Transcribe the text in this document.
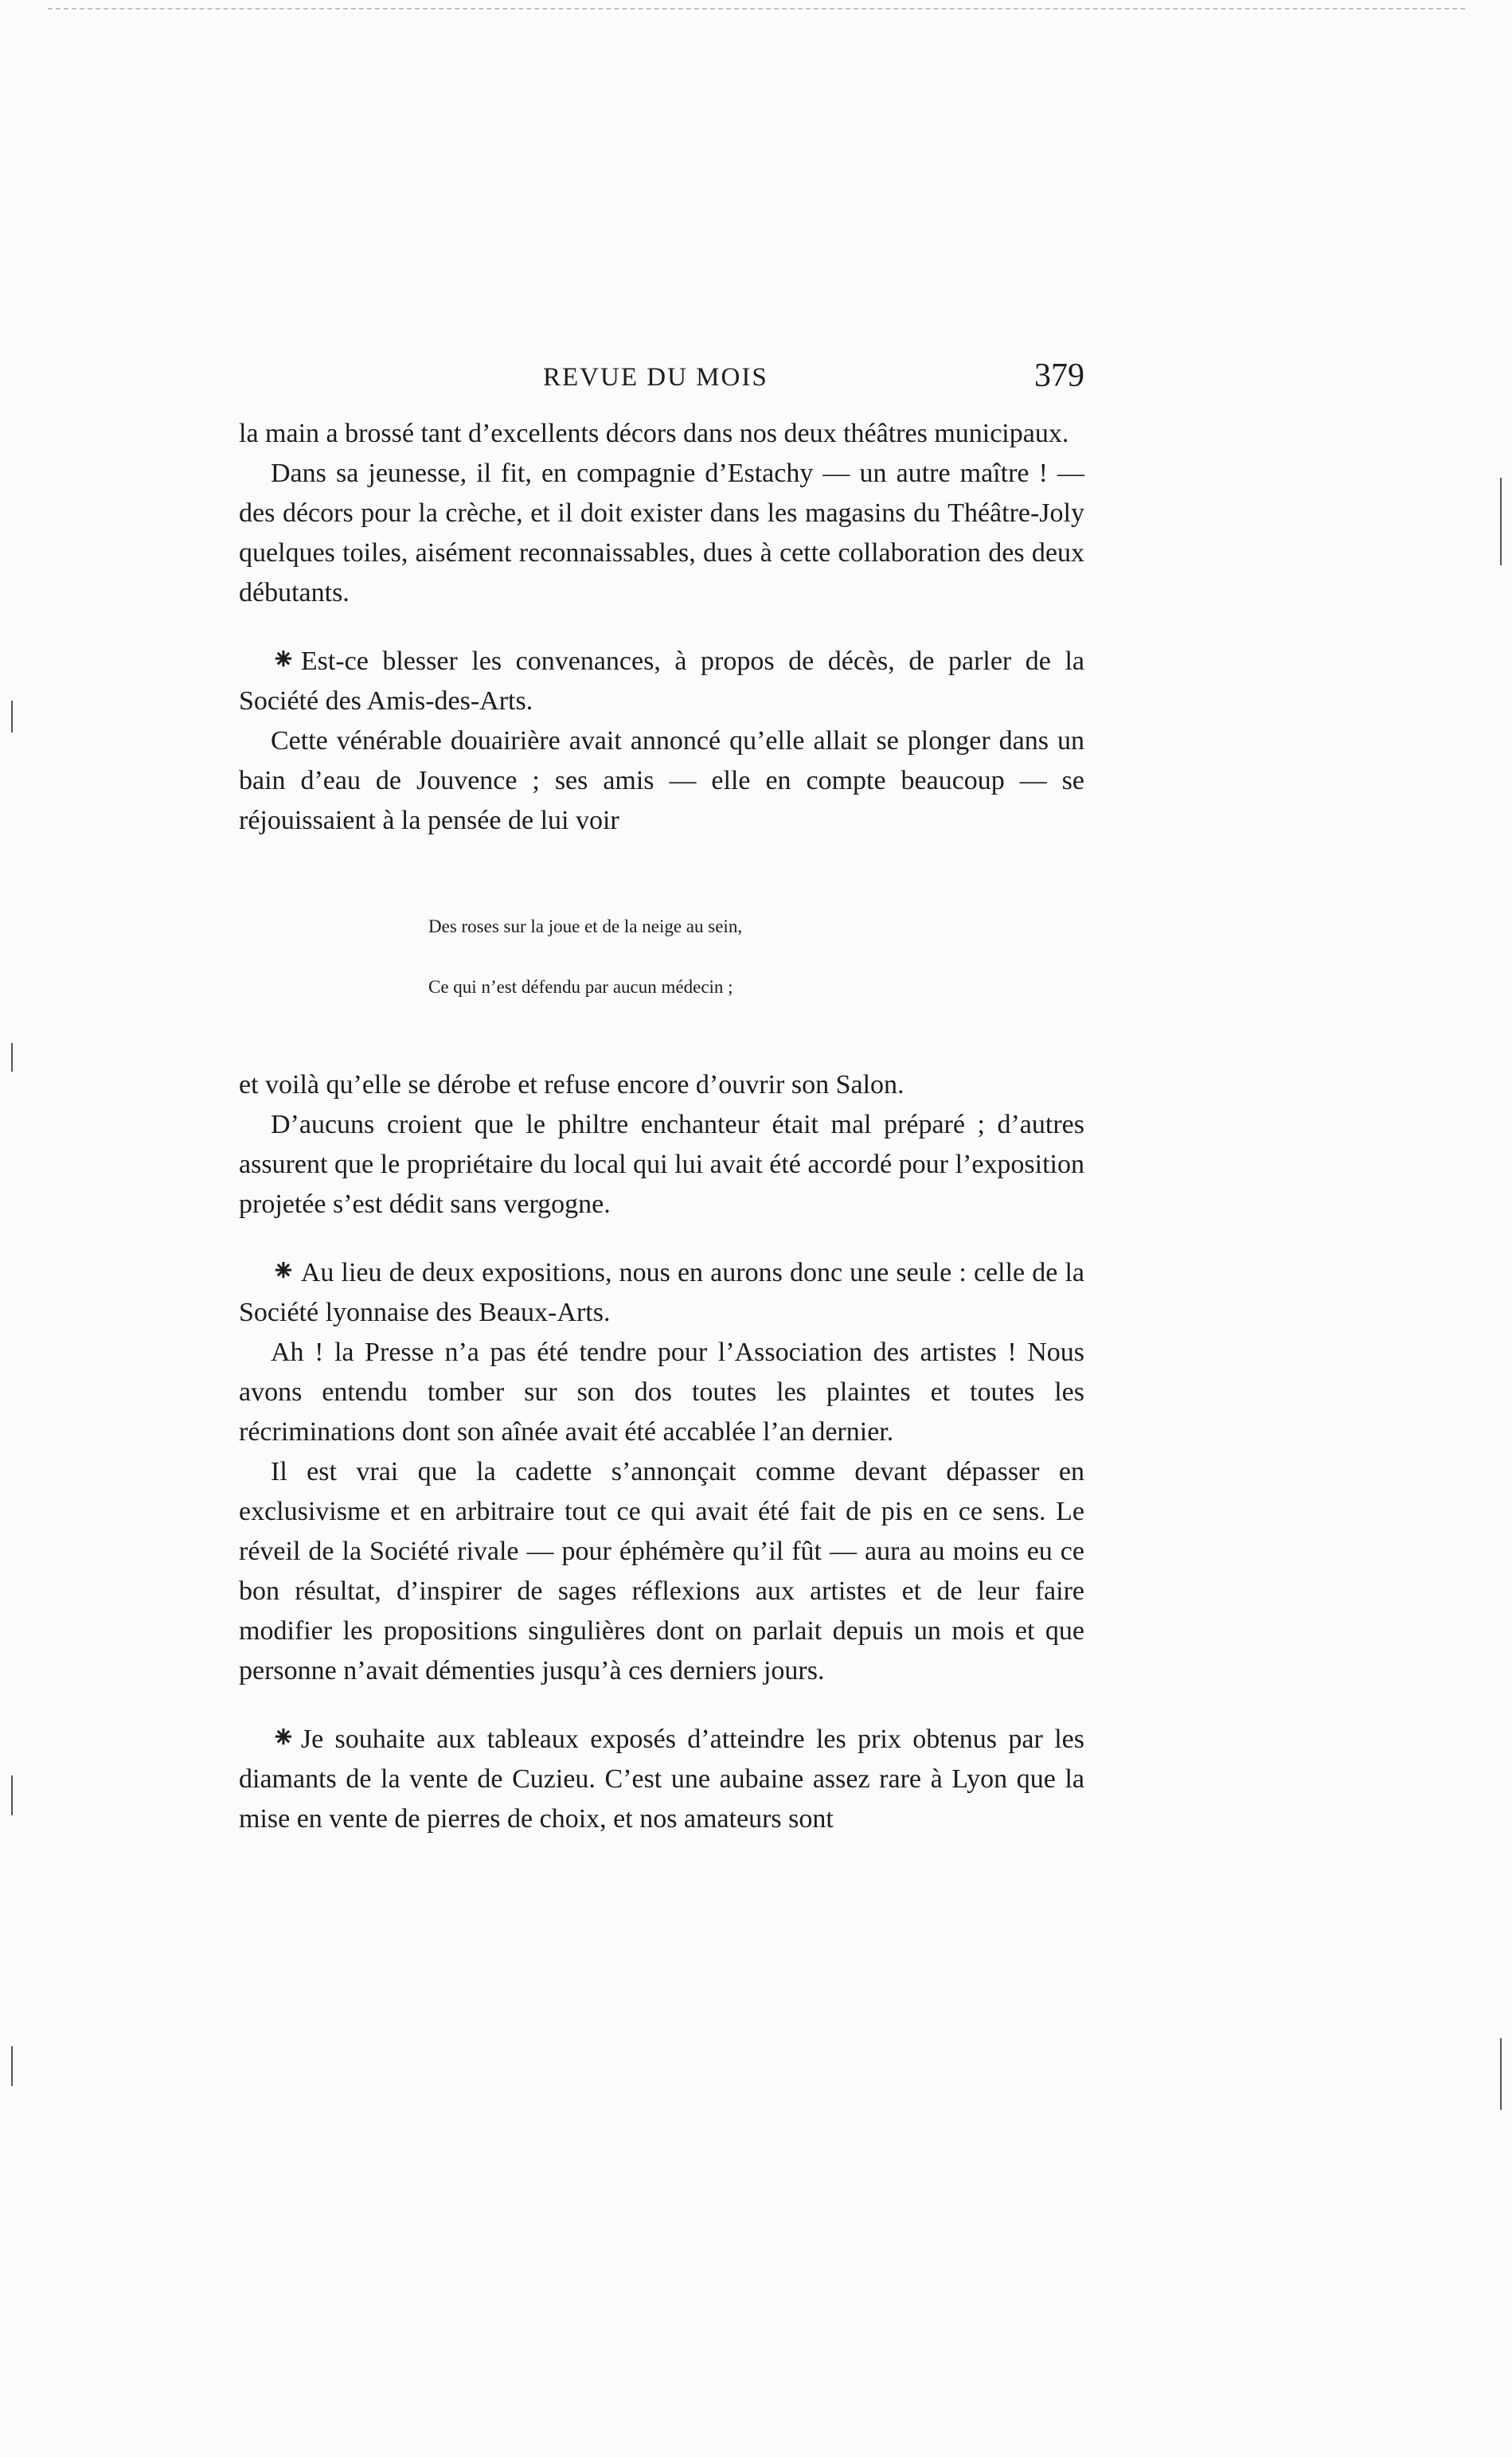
REVUE DU MOIS	379

la main a brossé tant d’excellents décors dans nos deux théâtres municipaux.

Dans sa jeunesse, il fit, en compagnie d’Estachy — un autre maître ! — des décors pour la crèche, et il doit exister dans les magasins du Théâtre-Joly quelques toiles, aisément reconnaissables, dues à cette collaboration des deux débutants.

⁕ Est-ce blesser les convenances, à propos de décès, de parler de la Société des Amis-des-Arts.

Cette vénérable douairière avait annoncé qu’elle allait se plonger dans un bain d’eau de Jouvence ; ses amis — elle en compte beaucoup — se réjouissaient à la pensée de lui voir

Des roses sur la joue et de la neige au sein,
Ce qui n’est défendu par aucun médecin ;

et voilà qu’elle se dérobe et refuse encore d’ouvrir son Salon.

D’aucuns croient que le philtre enchanteur était mal préparé ; d’autres assurent que le propriétaire du local qui lui avait été accordé pour l’exposition projetée s’est dédit sans vergogne.

⁕ Au lieu de deux expositions, nous en aurons donc une seule : celle de la Société lyonnaise des Beaux-Arts.

Ah ! la Presse n’a pas été tendre pour l’Association des artistes ! Nous avons entendu tomber sur son dos toutes les plaintes et toutes les récriminations dont son aînée avait été accablée l’an dernier.

Il est vrai que la cadette s’annonçait comme devant dépasser en exclusivisme et en arbitraire tout ce qui avait été fait de pis en ce sens. Le réveil de la Société rivale — pour éphémère qu’il fût — aura au moins eu ce bon résultat, d’inspirer de sages réflexions aux artistes et de leur faire modifier les propositions singulières dont on parlait depuis un mois et que personne n’avait démenties jusqu’à ces derniers jours.

⁕ Je souhaite aux tableaux exposés d’atteindre les prix obtenus par les diamants de la vente de Cuzieu. C’est une aubaine assez rare à Lyon que la mise en vente de pierres de choix, et nos amateurs sont
